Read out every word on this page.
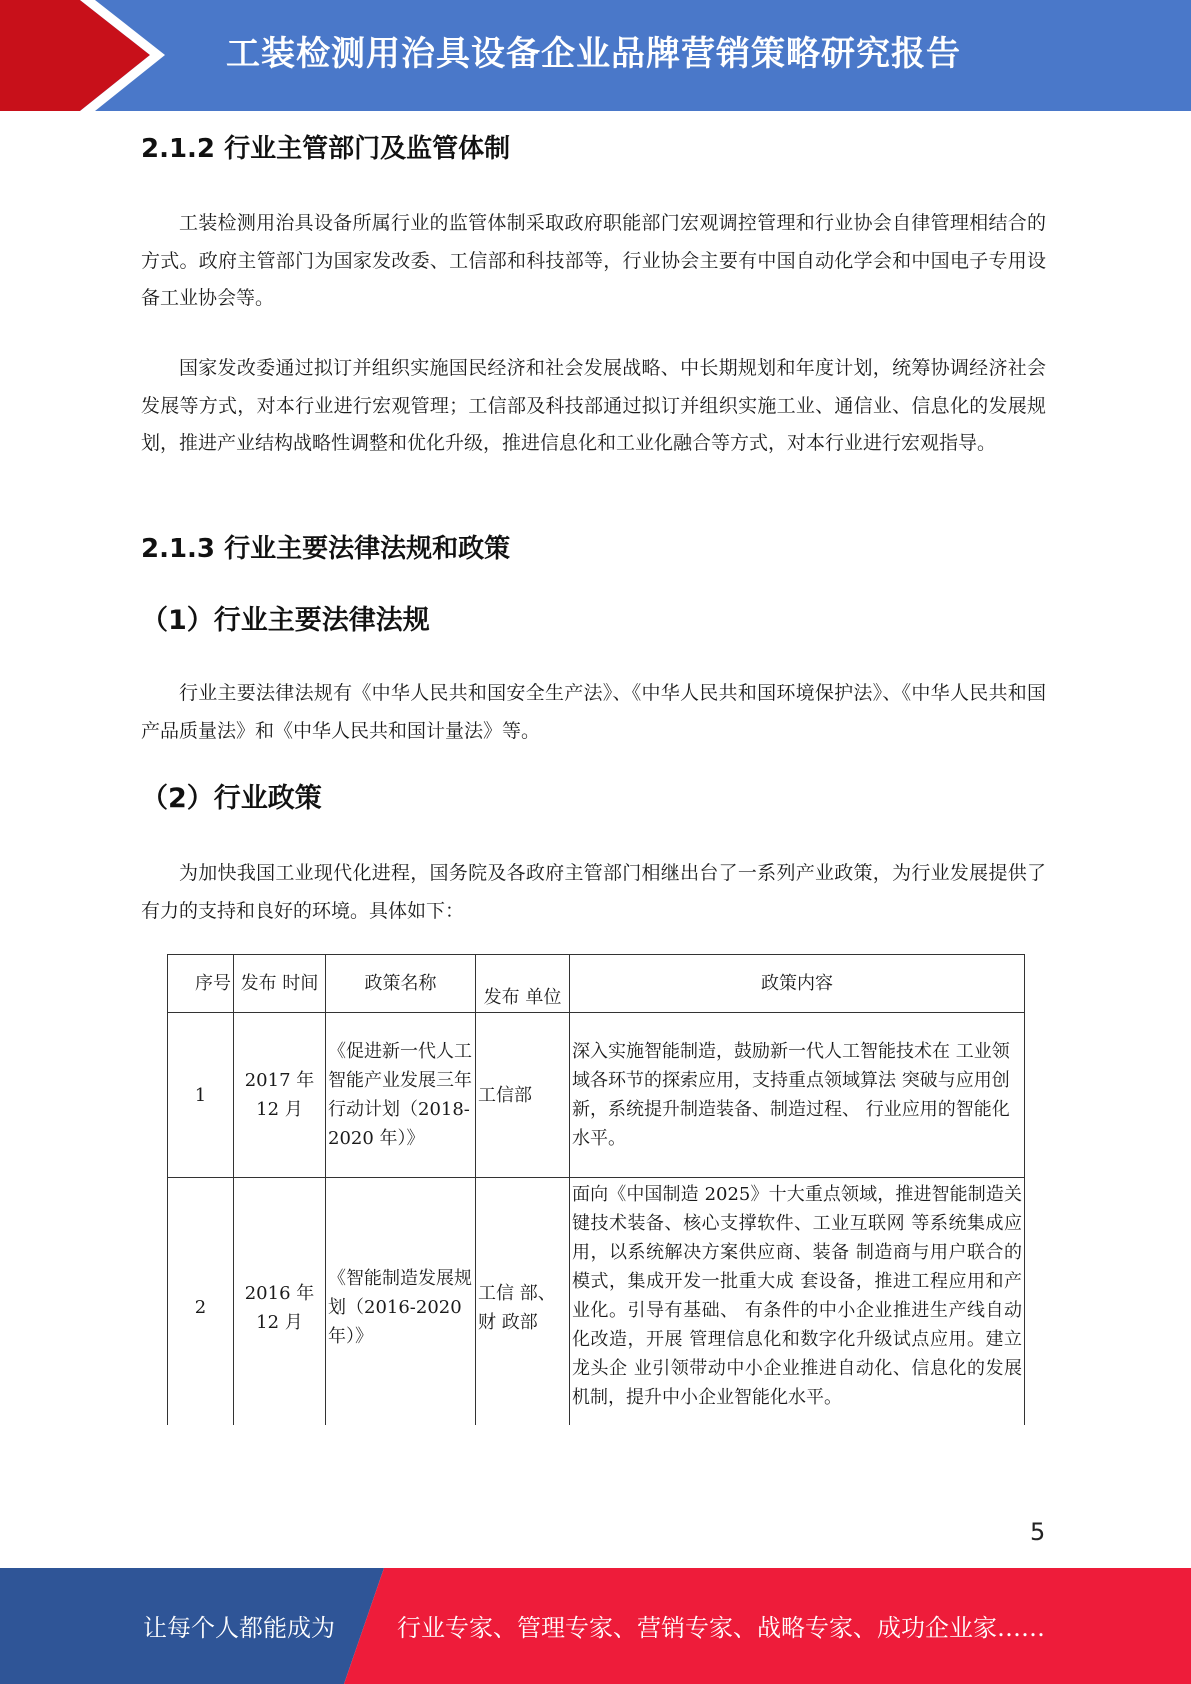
工装检测用治具设备企业品牌营销策略研究报告
2.1.2 行业主管部门及监管体制
工装检测用治具设备所属行业的监管体制采取政府职能部门宏观调控管理和行业协会自律管理相结合的方式。政府主管部门为国家发改委、工信部和科技部等，行业协会主要有中国自动化学会和中国电子专用设备工业协会等。
国家发改委通过拟订并组织实施国民经济和社会发展战略、中长期规划和年度计划，统筹协调经济社会发展等方式，对本行业进行宏观管理；工信部及科技部通过拟订并组织实施工业、通信业、信息化的发展规划，推进产业结构战略性调整和优化升级，推进信息化和工业化融合等方式，对本行业进行宏观指导。
2.1.3 行业主要法律法规和政策
（1）行业主要法律法规
行业主要法律法规有《中华人民共和国安全生产法》、《中华人民共和国环境保护法》、《中华人民共和国产品质量法》和《中华人民共和国计量法》等。
（2）行业政策
为加快我国工业现代化进程，国务院及各政府主管部门相继出台了一系列产业政策，为行业发展提供了有力的支持和良好的环境。具体如下：
序号	发布 时间	政策名称	发布 单位	政策内容
1	2017 年 12 月	《促进新一代人工智能产业发展三年行动计划（2018-2020 年）》	工信部	深入实施智能制造，鼓励新一代人工智能技术在 工业领域各环节的探索应用，支持重点领域算法 突破与应用创新，系统提升制造装备、制造过程、 行业应用的智能化水平。
2	2016 年 12 月	《智能制造发展规划（2016-2020 年）》	工信 部、财 政部	面向《中国制造 2025》十大重点领域，推进智能制造关键技术装备、核心支撑软件、工业互联网 等系统集成应用，以系统解决方案供应商、装备 制造商与用户联合的模式，集成开发一批重大成 套设备，推进工程应用和产业化。引导有基础、 有条件的中小企业推进生产线自动化改造，开展 管理信息化和数字化升级试点应用。建立龙头企 业引领带动中小企业推进自动化、信息化的发展 机制，提升中小企业智能化水平。
5
让每个人都能成为	行业专家、管理专家、营销专家、战略专家、成功企业家……
